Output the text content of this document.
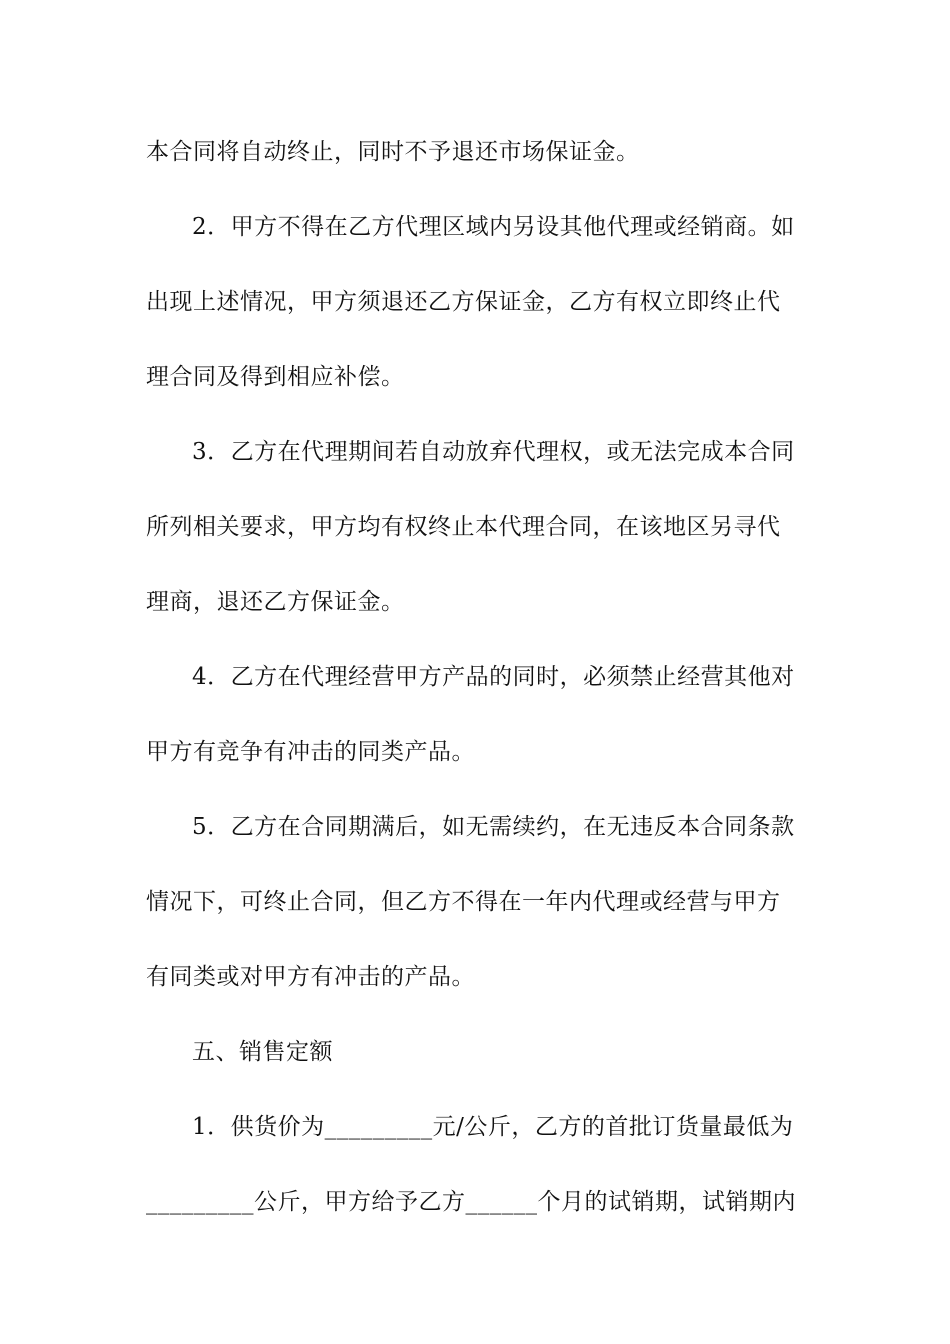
本合同将自动终止，同时不予退还市场保证金。
2．甲方不得在乙方代理区域内另设其他代理或经销商。如
出现上述情况，甲方须退还乙方保证金，乙方有权立即终止代
理合同及得到相应补偿。
3．乙方在代理期间若自动放弃代理权，或无法完成本合同
所列相关要求，甲方均有权终止本代理合同，在该地区另寻代
理商，退还乙方保证金。
4．乙方在代理经营甲方产品的同时，必须禁止经营其他对
甲方有竞争有冲击的同类产品。
5．乙方在合同期满后，如无需续约，在无违反本合同条款
情况下，可终止合同，但乙方不得在一年内代理或经营与甲方
有同类或对甲方有冲击的产品。
五、销售定额
1．供货价为_________元/公斤，乙方的首批订货量最低为
_________公斤，甲方给予乙方______个月的试销期，试销期内
